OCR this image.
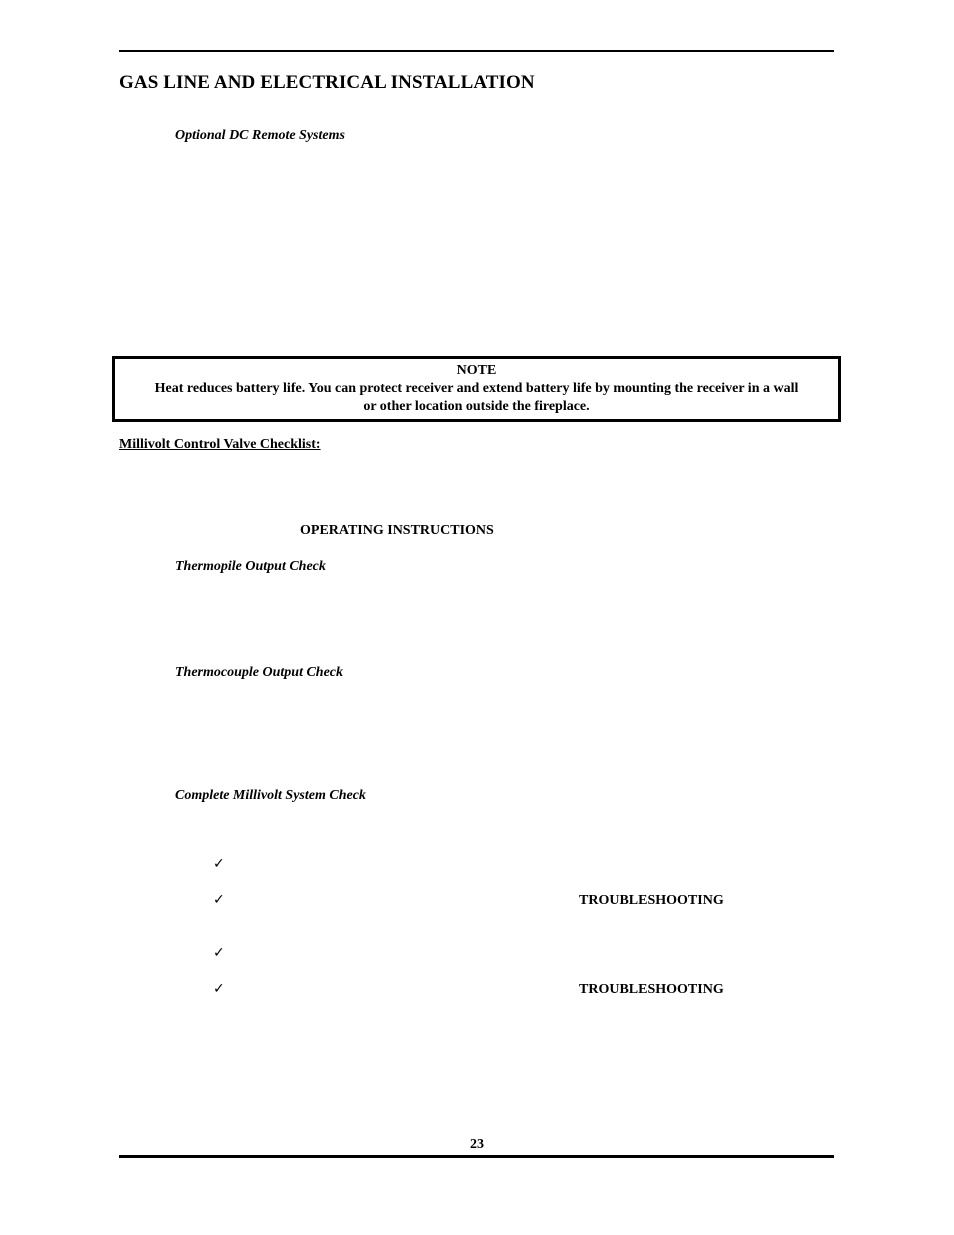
GAS LINE AND ELECTRICAL INSTALLATION
Optional DC Remote Systems
NOTE
Heat reduces battery life. You can protect receiver and extend battery life by mounting the receiver in a wall
or other location outside the fireplace.
Millivolt Control Valve Checklist:
OPERATING INSTRUCTIONS
Thermopile Output Check
Thermocouple Output Check
Complete Millivolt System Check
✓
✓	TROUBLESHOOTING
✓
✓	TROUBLESHOOTING
23
